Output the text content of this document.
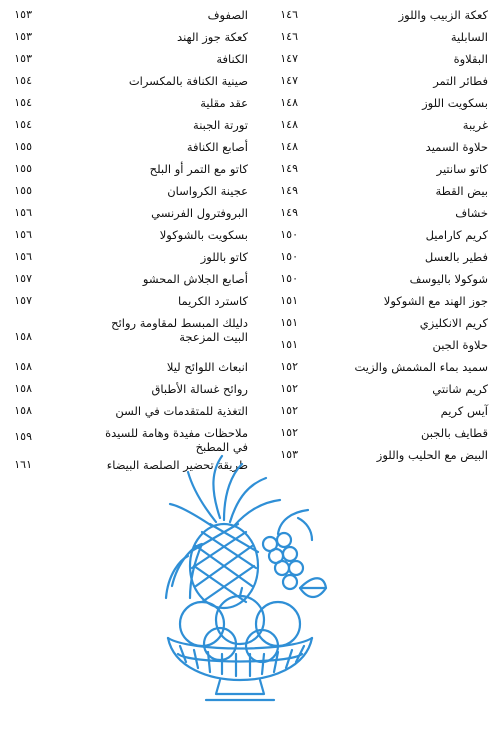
كعكة الزبيب واللوز
١٤٦
السابلية
١٤٦
البقلاوة
١٤٧
فطائر التمر
١٤٧
بسكويت اللوز
١٤٨
غريبة
١٤٨
حلاوة السميد
١٤٨
كاتو سانتير
١٤٩
بيض القطة
١٤٩
خشاف
١٤٩
كريم كاراميل
١٥٠
فطير بالعسل
١٥٠
شوكولا باليوسف
١٥٠
جوز الهند مع الشوكولا
١٥١
كريم الانكليزي
١٥١
حلاوة الجبن
١٥١
سميد بماء المشمش والزيت
١٥٢
كريم شانتي
١٥٢
آيس كريم
١٥٢
قطايف بالجبن
١٥٢
البيض مع الحليب واللوز
١٥٣
الصفوف
١٥٣
كعكة جوز الهند
١٥٣
الكنافة
١٥٣
صينية الكنافة بالمكسرات
١٥٤
عقد مقلية
١٥٤
تورتة الجبنة
١٥٤
أصابع الكنافة
١٥٥
كاتو مع التمر أو البلح
١٥٥
عجينة الكرواسان
١٥٥
البروفترول الفرنسي
١٥٦
بسكويت بالشوكولا
١٥٦
كاتو باللوز
١٥٦
أصابع الجلاش المحشو
١٥٧
كاسترد الكريما
١٥٧
دليلك المبسط لمقاومة روائح البيت المزعجة
١٥٨
انبعاث اللوائح ليلا
١٥٨
روائح غسالة الأطباق
١٥٨
التغذية للمتقدمات في السن
١٥٨
ملاحظات مفيدة وهامة للسيدة في المطبخ
١٥٩
طريقة تحضير الصلصة البيضاء
١٦١
